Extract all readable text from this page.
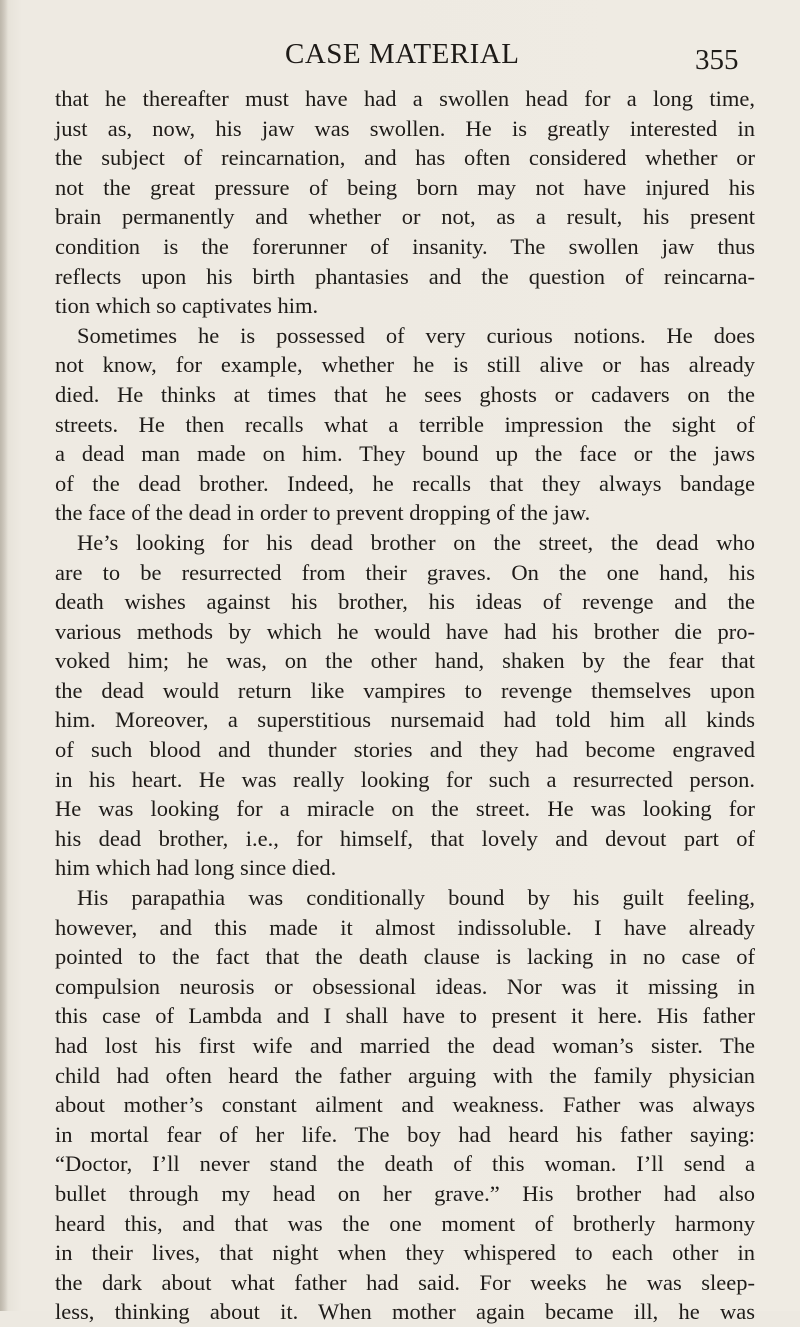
CASE MATERIAL	355
that he thereafter must have had a swollen head for a long time,
just as, now, his jaw was swollen. He is greatly interested in
the subject of reincarnation, and has often considered whether or
not the great pressure of being born may not have injured his
brain permanently and whether or not, as a result, his present
condition is the forerunner of insanity. The swollen jaw thus
reflects upon his birth phantasies and the question of reincarna-
tion which so captivates him.
Sometimes he is possessed of very curious notions. He does
not know, for example, whether he is still alive or has already
died. He thinks at times that he sees ghosts or cadavers on the
streets. He then recalls what a terrible impression the sight of
a dead man made on him. They bound up the face or the jaws
of the dead brother. Indeed, he recalls that they always bandage
the face of the dead in order to prevent dropping of the jaw.
He’s looking for his dead brother on the street, the dead who
are to be resurrected from their graves. On the one hand, his
death wishes against his brother, his ideas of revenge and the
various methods by which he would have had his brother die pro-
voked him; he was, on the other hand, shaken by the fear that
the dead would return like vampires to revenge themselves upon
him. Moreover, a superstitious nursemaid had told him all kinds
of such blood and thunder stories and they had become engraved
in his heart. He was really looking for such a resurrected person.
He was looking for a miracle on the street. He was looking for
his dead brother, i.e., for himself, that lovely and devout part of
him which had long since died.
His parapathia was conditionally bound by his guilt feeling,
however, and this made it almost indissoluble. I have already
pointed to the fact that the death clause is lacking in no case of
compulsion neurosis or obsessional ideas. Nor was it missing in
this case of Lambda and I shall have to present it here. His father
had lost his first wife and married the dead woman’s sister. The
child had often heard the father arguing with the family physician
about mother’s constant ailment and weakness. Father was always
in mortal fear of her life. The boy had heard his father saying:
“Doctor, I’ll never stand the death of this woman. I’ll send a
bullet through my head on her grave.” His brother had also
heard this, and that was the one moment of brotherly harmony
in their lives, that night when they whispered to each other in
the dark about what father had said. For weeks he was sleep-
less, thinking about it. When mother again became ill, he was
